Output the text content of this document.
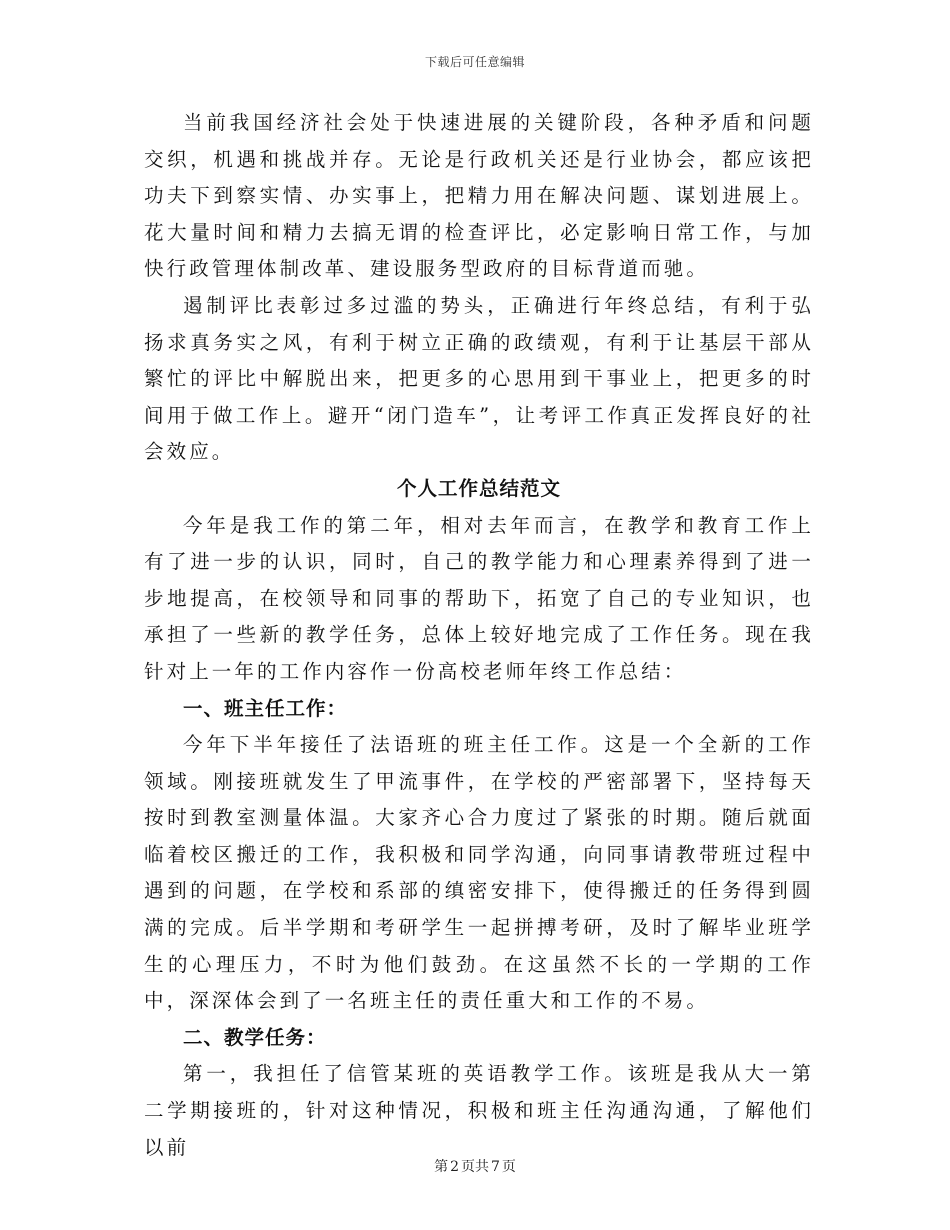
下载后可任意编辑

当前我国经济社会处于快速进展的关键阶段，各种矛盾和问题交织，机遇和挑战并存。无论是行政机关还是行业协会，都应该把功夫下到察实情、办实事上，把精力用在解决问题、谋划进展上。花大量时间和精力去搞无谓的检查评比，必定影响日常工作，与加快行政管理体制改革、建设服务型政府的目标背道而驰。

遏制评比表彰过多过滥的势头，正确进行年终总结，有利于弘扬求真务实之风，有利于树立正确的政绩观，有利于让基层干部从繁忙的评比中解脱出来，把更多的心思用到干事业上，把更多的时间用于做工作上。避开“闭门造车”，让考评工作真正发挥良好的社会效应。

个人工作总结范文

今年是我工作的第二年，相对去年而言，在教学和教育工作上有了进一步的认识，同时，自己的教学能力和心理素养得到了进一步地提高，在校领导和同事的帮助下，拓宽了自己的专业知识，也承担了一些新的教学任务，总体上较好地完成了工作任务。现在我针对上一年的工作内容作一份高校老师年终工作总结：

一、班主任工作：

今年下半年接任了法语班的班主任工作。这是一个全新的工作领域。刚接班就发生了甲流事件，在学校的严密部署下，坚持每天按时到教室测量体温。大家齐心合力度过了紧张的时期。随后就面临着校区搬迁的工作，我积极和同学沟通，向同事请教带班过程中遇到的问题，在学校和系部的缜密安排下，使得搬迁的任务得到圆满的完成。后半学期和考研学生一起拼搏考研，及时了解毕业班学生的心理压力，不时为他们鼓劲。在这虽然不长的一学期的工作中，深深体会到了一名班主任的责任重大和工作的不易。

二、教学任务：

第一，我担任了信管某班的英语教学工作。该班是我从大一第二学期接班的，针对这种情况，积极和班主任沟通沟通，了解他们以前

第 2 页共 7 页
